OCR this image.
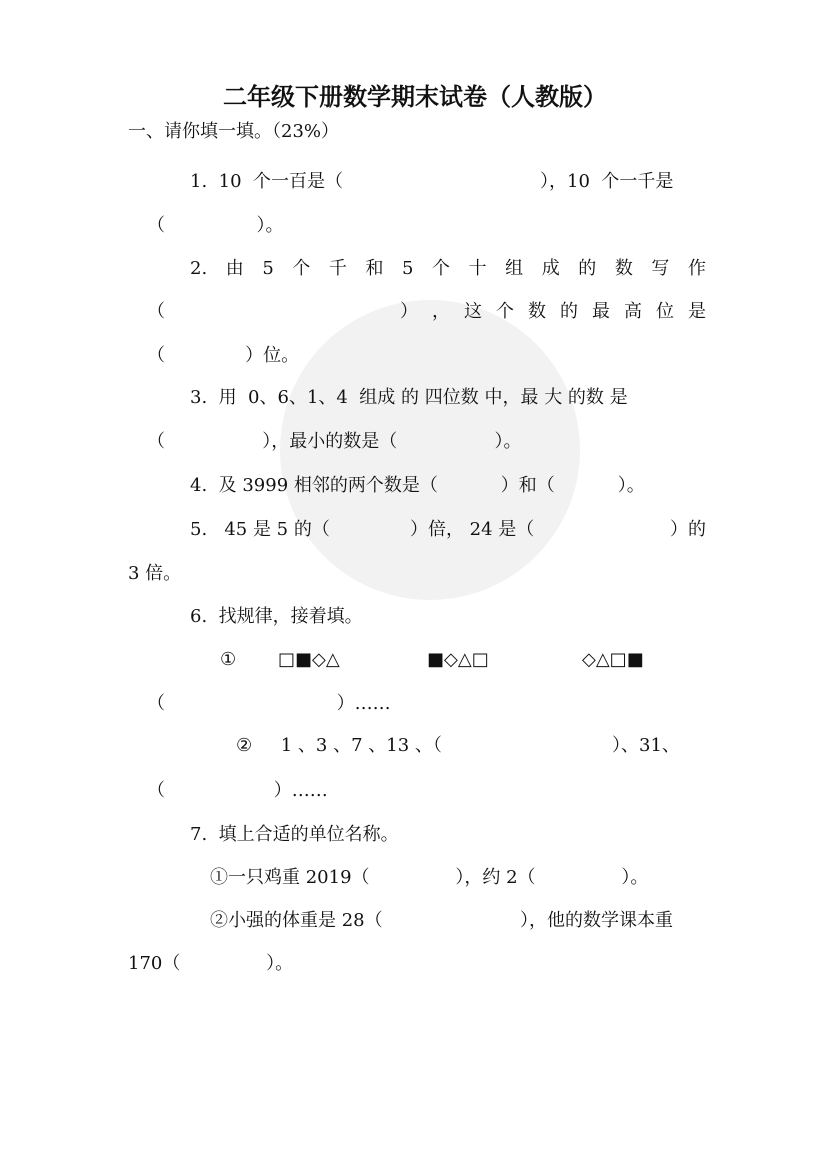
二年级下册数学期末试卷（人教版）
一、请你填一填。（23%）
1.  10  个一百是（	），10  个一千是
（                ）。
2. 由 5 个 千 和 5 个 十 组 成 的 数 写 作
（	） ， 这 个 数 的 最 高 位 是
（              ）位。
3.  用  0、6、1、4  组成 的 四位数 中，最 大 的数 是
（                 ），最小的数是（                 ）。
4.  及 3999 相邻的两个数是（           ）和（           ）。
5.   45 是 5 的（              ）倍， 24 是（	）的
3 倍。
6.  找规律，接着填。
① □■◇△	■◇△□	◇△□■
（                              ）……
②     1 、3 、7 、13 、（	）、31、
（                   ）……
7.  填上合适的单位名称。
①一只鸡重 2019（               ），约 2（               ）。
②小强的体重是 28（	），他的数学课本重
170（               ）。
